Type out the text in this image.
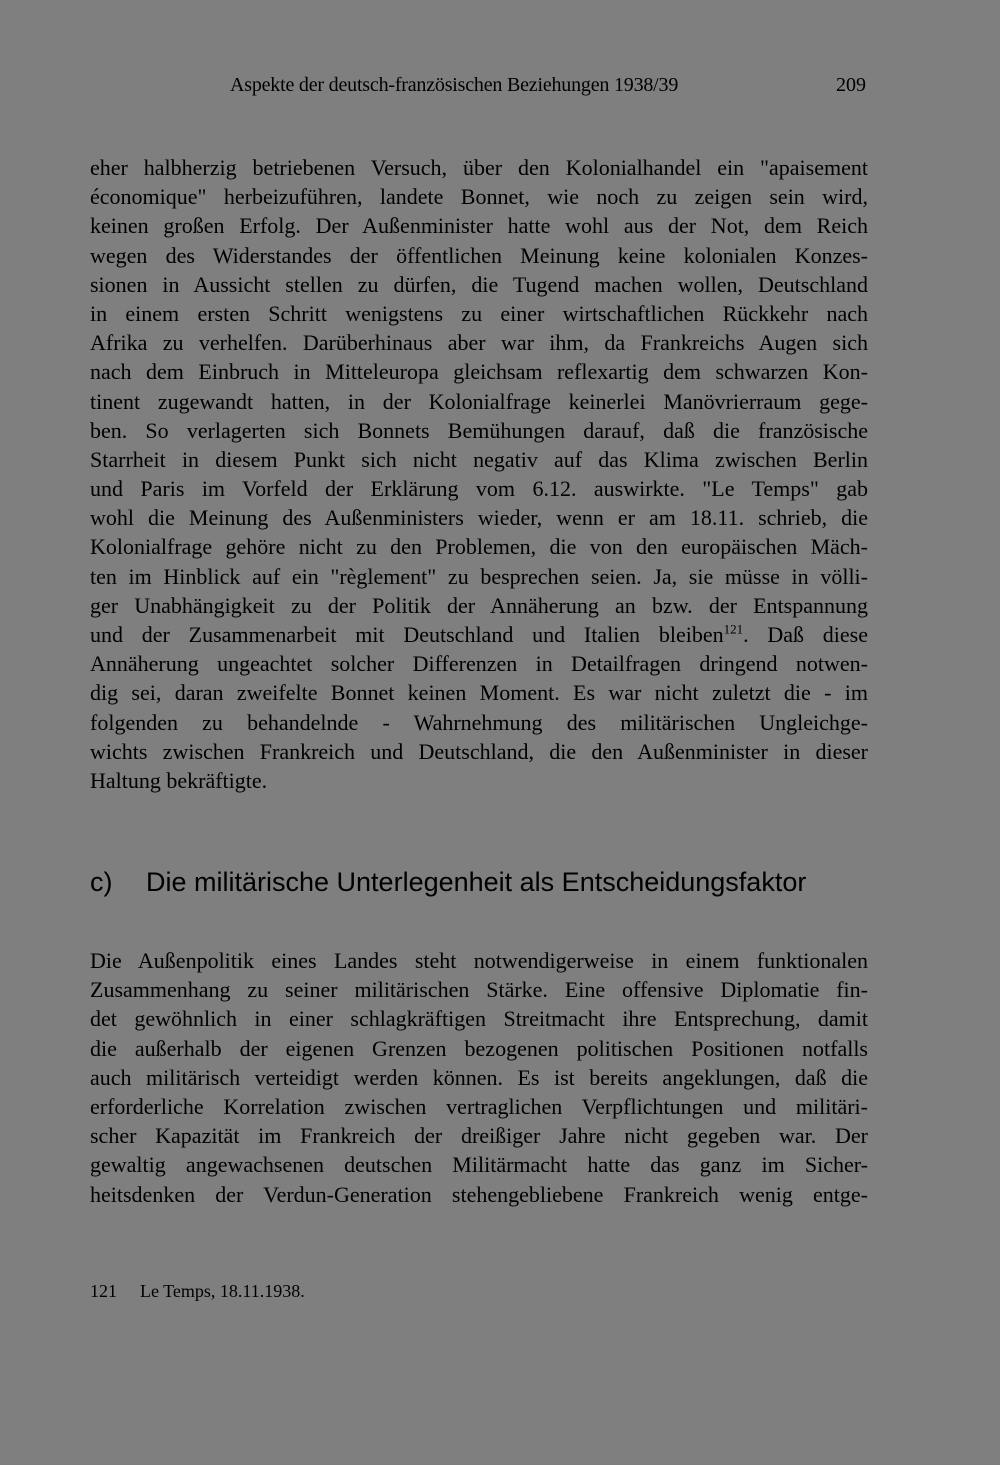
Aspekte der deutsch-französischen Beziehungen 1938/39	209
eher halbherzig betriebenen Versuch, über den Kolonialhandel ein "apaisement
économique" herbeizuführen, landete Bonnet, wie noch zu zeigen sein wird,
keinen großen Erfolg. Der Außenminister hatte wohl aus der Not, dem Reich
wegen des Widerstandes der öffentlichen Meinung keine kolonialen Konzes-
sionen in Aussicht stellen zu dürfen, die Tugend machen wollen, Deutschland
in einem ersten Schritt wenigstens zu einer wirtschaftlichen Rückkehr nach
Afrika zu verhelfen. Darüberhinaus aber war ihm, da Frankreichs Augen sich
nach dem Einbruch in Mitteleuropa gleichsam reflexartig dem schwarzen Kon-
tinent zugewandt hatten, in der Kolonialfrage keinerlei Manövrierraum gege-
ben. So verlagerten sich Bonnets Bemühungen darauf, daß die französische
Starrheit in diesem Punkt sich nicht negativ auf das Klima zwischen Berlin
und Paris im Vorfeld der Erklärung vom 6.12. auswirkte. "Le Temps" gab
wohl die Meinung des Außenministers wieder, wenn er am 18.11. schrieb, die
Kolonialfrage gehöre nicht zu den Problemen, die von den europäischen Mäch-
ten im Hinblick auf ein "règlement" zu besprechen seien. Ja, sie müsse in völli-
ger Unabhängigkeit zu der Politik der Annäherung an bzw. der Entspannung
und der Zusammenarbeit mit Deutschland und Italien bleiben$^{121}$. Daß diese
Annäherung ungeachtet solcher Differenzen in Detailfragen dringend notwen-
dig sei, daran zweifelte Bonnet keinen Moment. Es war nicht zuletzt die - im
folgenden zu behandelnde - Wahrnehmung des militärischen Ungleichge-
wichts zwischen Frankreich und Deutschland, die den Außenminister in dieser
Haltung bekräftigte.
c) Die militärische Unterlegenheit als Entscheidungsfaktor
Die Außenpolitik eines Landes steht notwendigerweise in einem funktionalen
Zusammenhang zu seiner militärischen Stärke. Eine offensive Diplomatie fin-
det gewöhnlich in einer schlagkräftigen Streitmacht ihre Entsprechung, damit
die außerhalb der eigenen Grenzen bezogenen politischen Positionen notfalls
auch militärisch verteidigt werden können. Es ist bereits angeklungen, daß die
erforderliche Korrelation zwischen vertraglichen Verpflichtungen und militäri-
scher Kapazität im Frankreich der dreißiger Jahre nicht gegeben war. Der
gewaltig angewachsenen deutschen Militärmacht hatte das ganz im Sicher-
heitsdenken der Verdun-Generation stehengebliebene Frankreich wenig entge-
121 Le Temps, 18.11.1938.
